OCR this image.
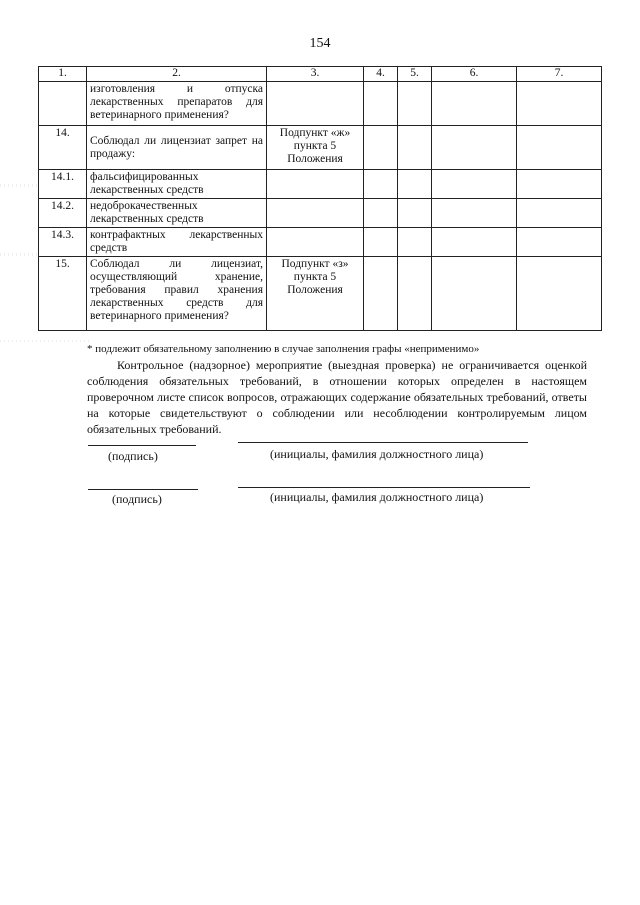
154
1.	2.	3.	4.	5.	6.	7.
	изготовления и отпуска лекарственных препаратов для ветеринарного применения?					
14.	Соблюдал ли лицензиат запрет на продажу:	Подпункт «ж» пункта 5 Положения				
14.1.	фальсифицированных лекарственных средств					
14.2.	недоброкачественных лекарственных средств					
14.3.	контрафактных лекарственных средств					
15.	Соблюдал ли лицензиат, осуществляющий хранение, требования правил хранения лекарственных средств для ветеринарного применения?	Подпункт «з» пункта 5 Положения				
* подлежит обязательному заполнению в случае заполнения графы «неприменимо»
Контрольное (надзорное) мероприятие (выездная проверка) не ограничивается оценкой соблюдения обязательных требований, в отношении которых определен в настоящем проверочном листе список вопросов, отражающих содержание обязательных требований, ответы на которые свидетельствуют о соблюдении или несоблюдении контролируемым лицом обязательных требований.
(подпись)	(инициалы, фамилия должностного лица)
(подпись)	(инициалы, фамилия должностного лица)
